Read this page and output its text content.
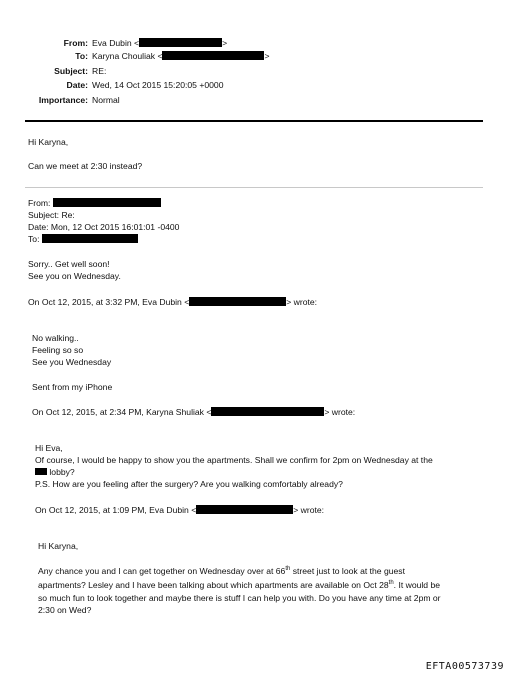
From: Eva Dubin <	>
To: Karyna Chouliak <	>
Subject: RE:
Date: Wed, 14 Oct 2015 15:20:05 +0000
Importance: Normal
Hi Karyna,
Can we meet at 2:30 instead?
From:
Subject: Re:
Date: Mon, 12 Oct 2015 16:01:01 -0400
To:
Sorry.. Get well soon!
See you on Wednesday.
On Oct 12, 2015, at 3:32 PM, Eva Dubin <	> wrote:
No walking..
Feeling so so
See you Wednesday
Sent from my iPhone
On Oct 12, 2015, at 2:34 PM, Karyna Shuliak <	> wrote:
Hi Eva,
Of course, I would be happy to show you the apartments. Shall we confirm for 2pm on Wednesday at the
lobby?
P.S. How are you feeling after the surgery? Are you walking comfortably already?
On Oct 12, 2015, at 1:09 PM, Eva Dubin <	> wrote:
Hi Karyna,
Any chance you and I can get together on Wednesday over at 66th street just to look at the guest
apartments? Lesley and I have been talking about which apartments are available on Oct 28th. It would be
so much fun to look together and maybe there is stuff I can help you with. Do you have any time at 2pm or
2:30 on Wed?
EFTA00573739
